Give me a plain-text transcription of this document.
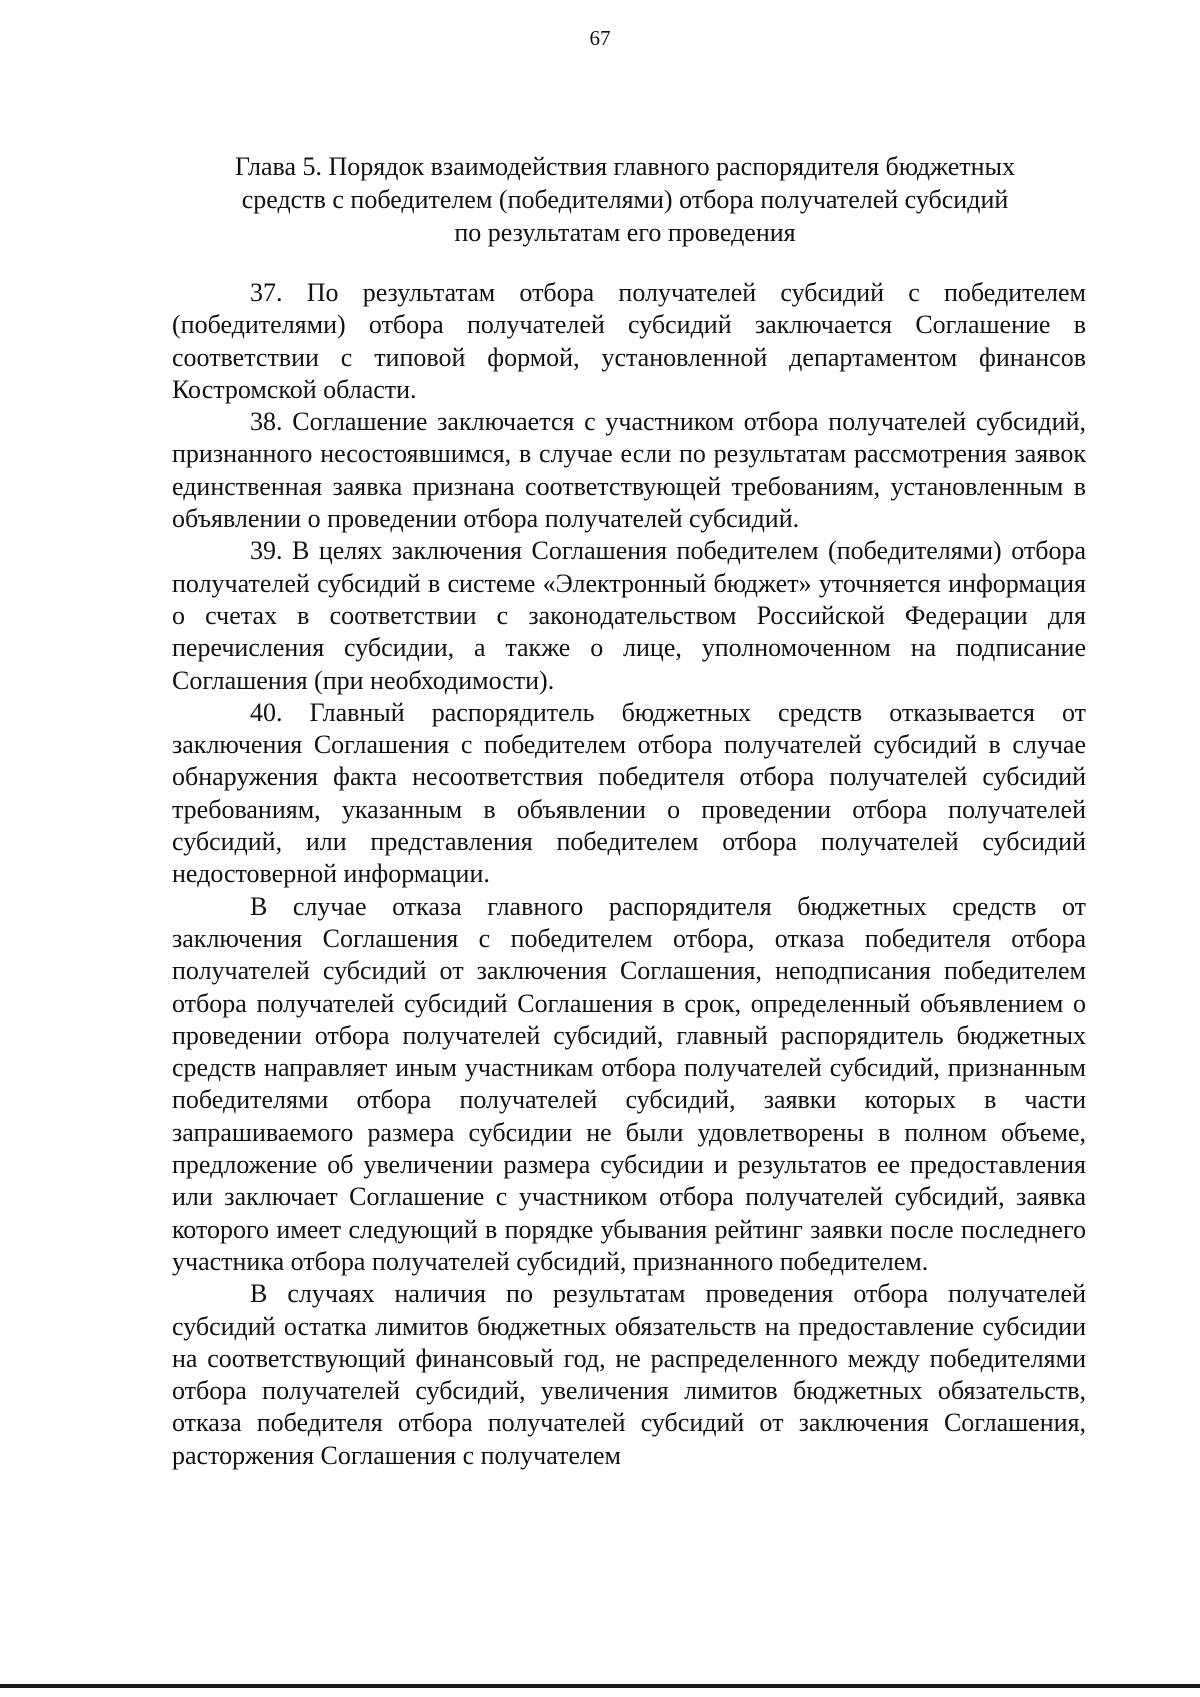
67
Глава 5. Порядок взаимодействия главного распорядителя бюджетных
средств с победителем (победителями) отбора получателей субсидий
по результатам его проведения

37. По результатам отбора получателей субсидий с победителем (победителями) отбора получателей субсидий заключается Соглашение в соответствии с типовой формой, установленной департаментом финансов Костромской области.

38. Соглашение заключается с участником отбора получателей субсидий, признанного несостоявшимся, в случае если по результатам рассмотрения заявок единственная заявка признана соответствующей требованиям, установленным в объявлении о проведении отбора получателей субсидий.

39. В целях заключения Соглашения победителем (победителями) отбора получателей субсидий в системе «Электронный бюджет» уточняется информация о счетах в соответствии с законодательством Российской Федерации для перечисления субсидии, а также о лице, уполномоченном на подписание Соглашения (при необходимости).

40. Главный распорядитель бюджетных средств отказывается от заключения Соглашения с победителем отбора получателей субсидий в случае обнаружения факта несоответствия победителя отбора получателей субсидий требованиям, указанным в объявлении о проведении отбора получателей субсидий, или представления победителем отбора получателей субсидий недостоверной информации.

В случае отказа главного распорядителя бюджетных средств от заключения Соглашения с победителем отбора, отказа победителя отбора получателей субсидий от заключения Соглашения, неподписания победителем отбора получателей субсидий Соглашения в срок, определенный объявлением о проведении отбора получателей субсидий, главный распорядитель бюджетных средств направляет иным участникам отбора получателей субсидий, признанным победителями отбора получателей субсидий, заявки которых в части запрашиваемого размера субсидии не были удовлетворены в полном объеме, предложение об увеличении размера субсидии и результатов ее предоставления или заключает Соглашение с участником отбора получателей субсидий, заявка которого имеет следующий в порядке убывания рейтинг заявки после последнего участника отбора получателей субсидий, признанного победителем.

В случаях наличия по результатам проведения отбора получателей субсидий остатка лимитов бюджетных обязательств на предоставление субсидии на соответствующий финансовый год, не распределенного между победителями отбора получателей субсидий, увеличения лимитов бюджетных обязательств, отказа победителя отбора получателей субсидий от заключения Соглашения, расторжения Соглашения с получателем
